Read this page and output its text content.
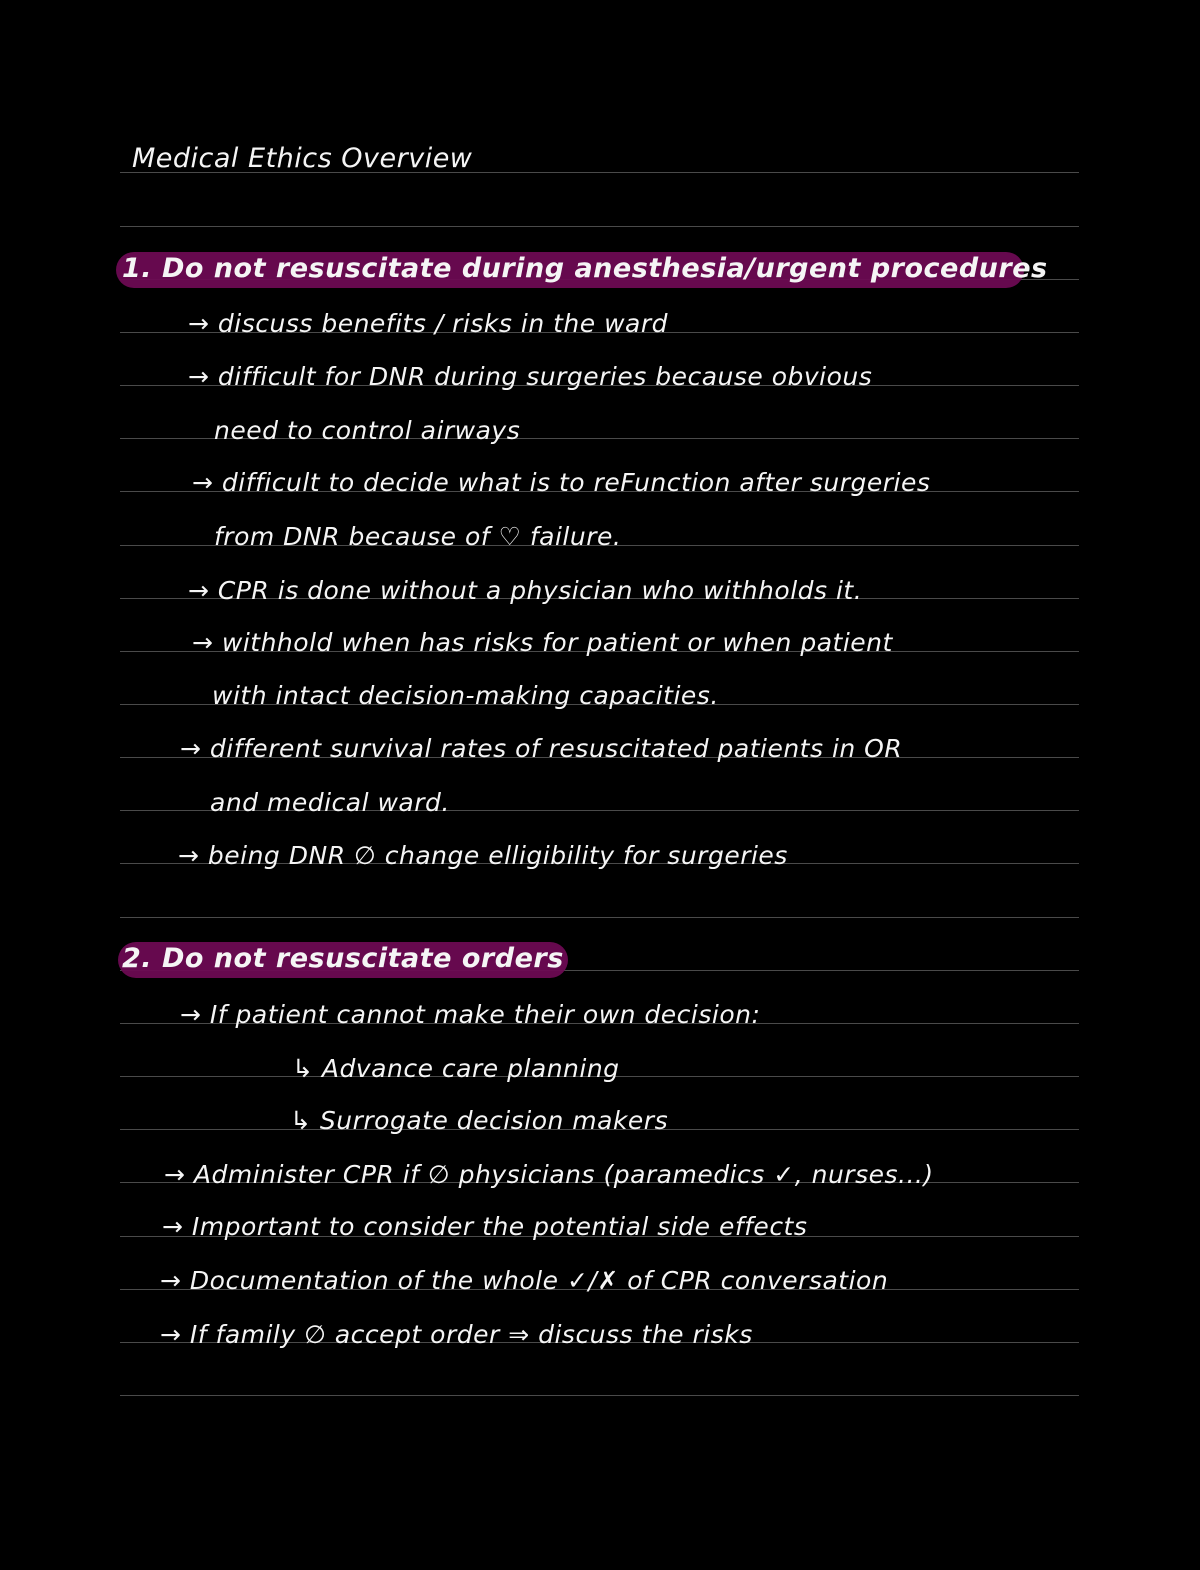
Medical Ethics Overview
1. Do not resuscitate during anesthesia/urgent procedures
→ discuss benefits / risks in the ward
→ difficult for DNR during surgeries because obvious
need to control airways
→ difficult to decide what is to reFunction after surgeries
from DNR because of ♡ failure.
→ CPR is done without a physician who withholds it.
→ withhold when has risks for patient or when patient
with intact decision-making capacities.
→ different survival rates of resuscitated patients in OR
and medical ward.
→ being DNR ∅ change elligibility for surgeries
2. Do not resuscitate orders
→ If patient cannot make their own decision:
↳ Advance care planning
↳ Surrogate decision makers
→ Administer CPR if ∅ physicians (paramedics ✓, nurses...)
→ Important to consider the potential side effects
→ Documentation of the whole ✓/✗ of CPR conversation
→ If family ∅ accept order ⇒ discuss the risks
